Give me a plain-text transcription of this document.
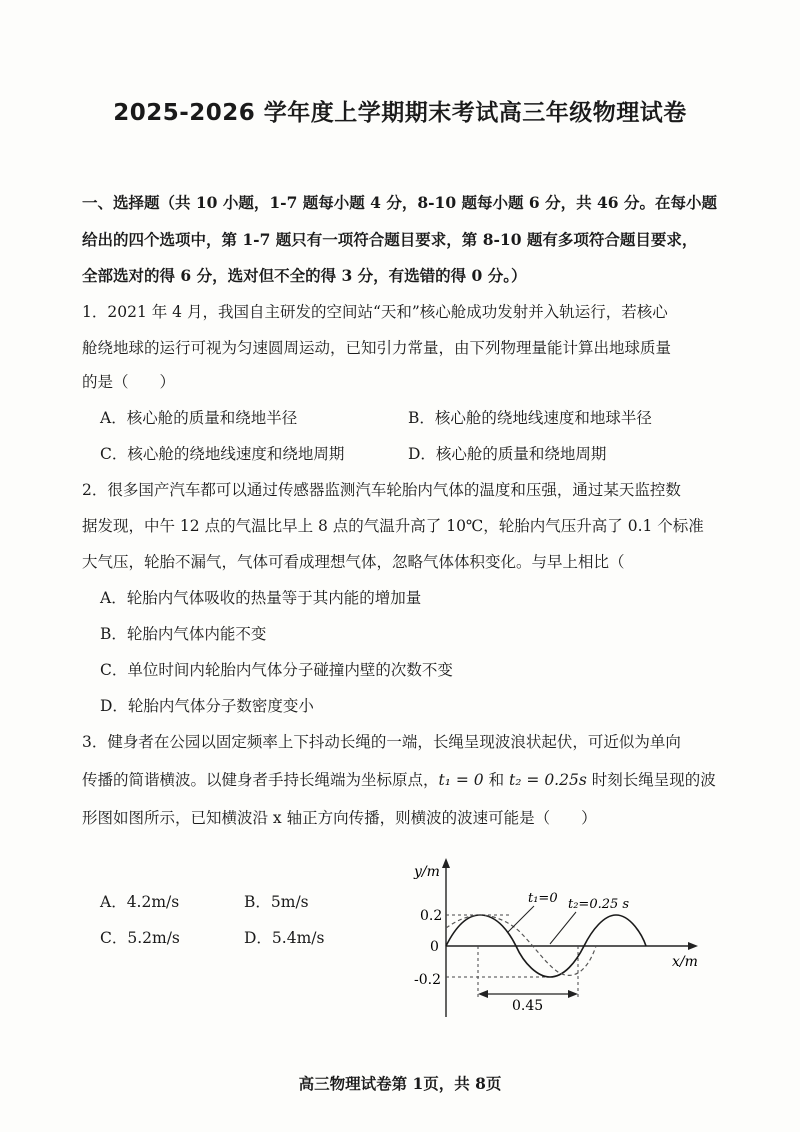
2025-2026 学年度上学期期末考试高三年级物理试卷
一、选择题（共 10 小题，1-7 题每小题 4 分，8-10 题每小题 6 分，共 46 分。在每小题
给出的四个选项中，第 1-7 题只有一项符合题目要求，第 8-10 题有多项符合题目要求，
全部选对的得 6 分，选对但不全的得 3 分，有选错的得 0 分。）
1．2021 年 4 月，我国自主研发的空间站“天和”核心舱成功发射并入轨运行，若核心
舱绕地球的运行可视为匀速圆周运动，已知引力常量，由下列物理量能计算出地球质量
的是（　　）
A．核心舱的质量和绕地半径	B．核心舱的绕地线速度和地球半径
C．核心舱的绕地线速度和绕地周期	D．核心舱的质量和绕地周期
2．很多国产汽车都可以通过传感器监测汽车轮胎内气体的温度和压强，通过某天监控数
据发现，中午 12 点的气温比早上 8 点的气温升高了 10℃，轮胎内气压升高了 0.1 个标准
大气压，轮胎不漏气，气体可看成理想气体，忽略气体体积变化。与早上相比（
A．轮胎内气体吸收的热量等于其内能的增加量
B．轮胎内气体内能不变
C．单位时间内轮胎内气体分子碰撞内壁的次数不变
D．轮胎内气体分子数密度变小
3．健身者在公园以固定频率上下抖动长绳的一端，长绳呈现波浪状起伏，可近似为单向
传播的简谐横波。以健身者手持长绳端为坐标原点，t₁ = 0 和 t₂ = 0.25s 时刻长绳呈现的波
形图如图所示，已知横波沿 x 轴正方向传播，则横波的波速可能是（　　）
A．4.2m/s	B．5m/s
C．5.2m/s	D．5.4m/s
y/m
x/m
0.2
0
-0.2
t₁=0 t₂=0.25 s
0.45
高三物理试卷第 1页，共 8页
